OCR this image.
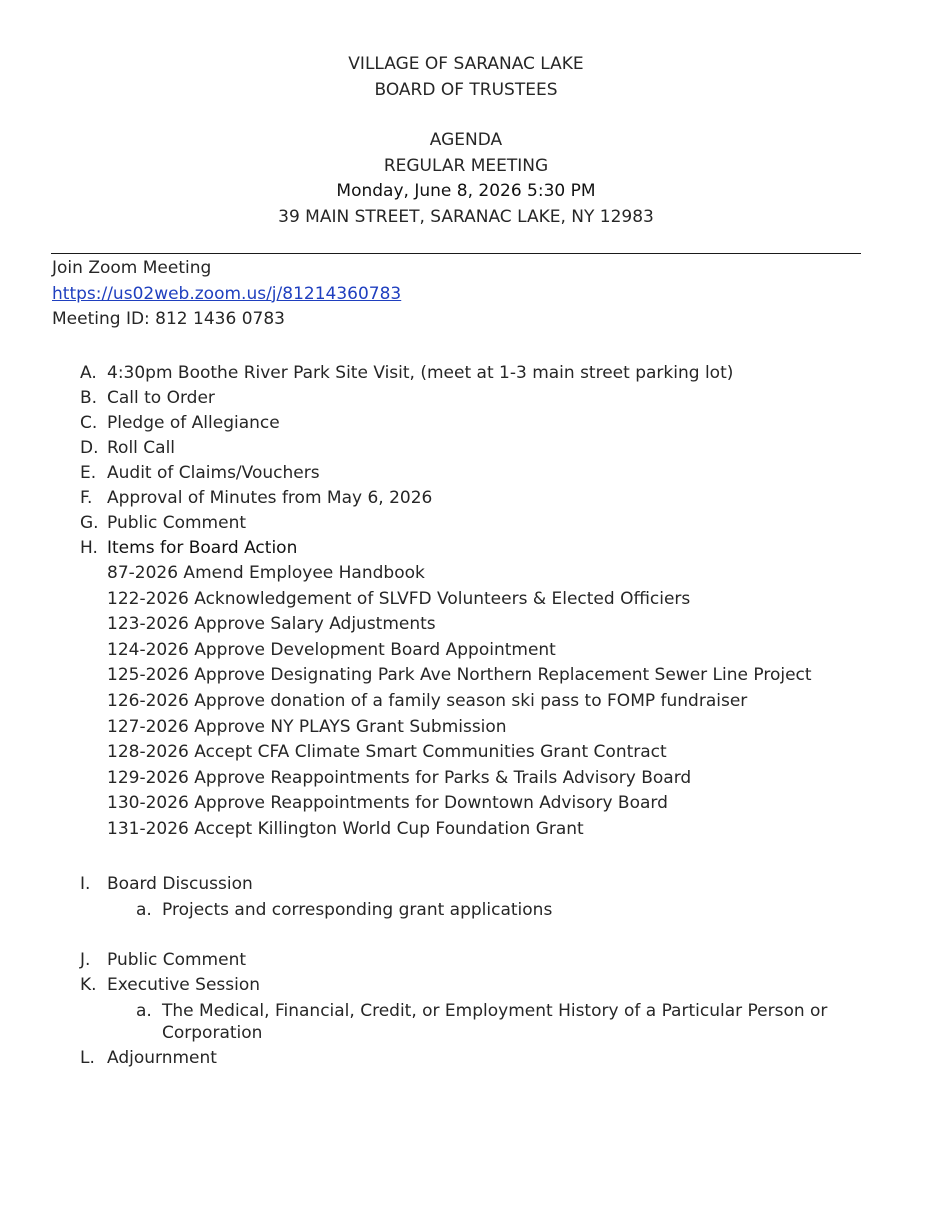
VILLAGE OF SARANAC LAKE
BOARD OF TRUSTEES
AGENDA
REGULAR MEETING
Monday, June 8, 2026 5:30 PM
39 MAIN STREET, SARANAC LAKE, NY 12983
Join Zoom Meeting
https://us02web.zoom.us/j/81214360783
Meeting ID: 812 1436 0783
A. 4:30pm Boothe River Park Site Visit, (meet at 1-3 main street parking lot)
B. Call to Order
C. Pledge of Allegiance
D. Roll Call
E. Audit of Claims/Vouchers
F. Approval of Minutes from May 6, 2026
G. Public Comment
H. Items for Board Action
87-2026 Amend Employee Handbook
122-2026 Acknowledgement of SLVFD Volunteers & Elected Officiers
123-2026 Approve Salary Adjustments
124-2026 Approve Development Board Appointment
125-2026 Approve Designating Park Ave Northern Replacement Sewer Line Project
126-2026 Approve donation of a family season ski pass to FOMP fundraiser
127-2026 Approve NY PLAYS Grant Submission
128-2026 Accept CFA Climate Smart Communities Grant Contract
129-2026 Approve Reappointments for Parks & Trails Advisory Board
130-2026 Approve Reappointments for Downtown Advisory Board
131-2026 Accept Killington World Cup Foundation Grant
I. Board Discussion
a. Projects and corresponding grant applications
J. Public Comment
K. Executive Session
a. The Medical, Financial, Credit, or Employment History of a Particular Person or Corporation
L. Adjournment
